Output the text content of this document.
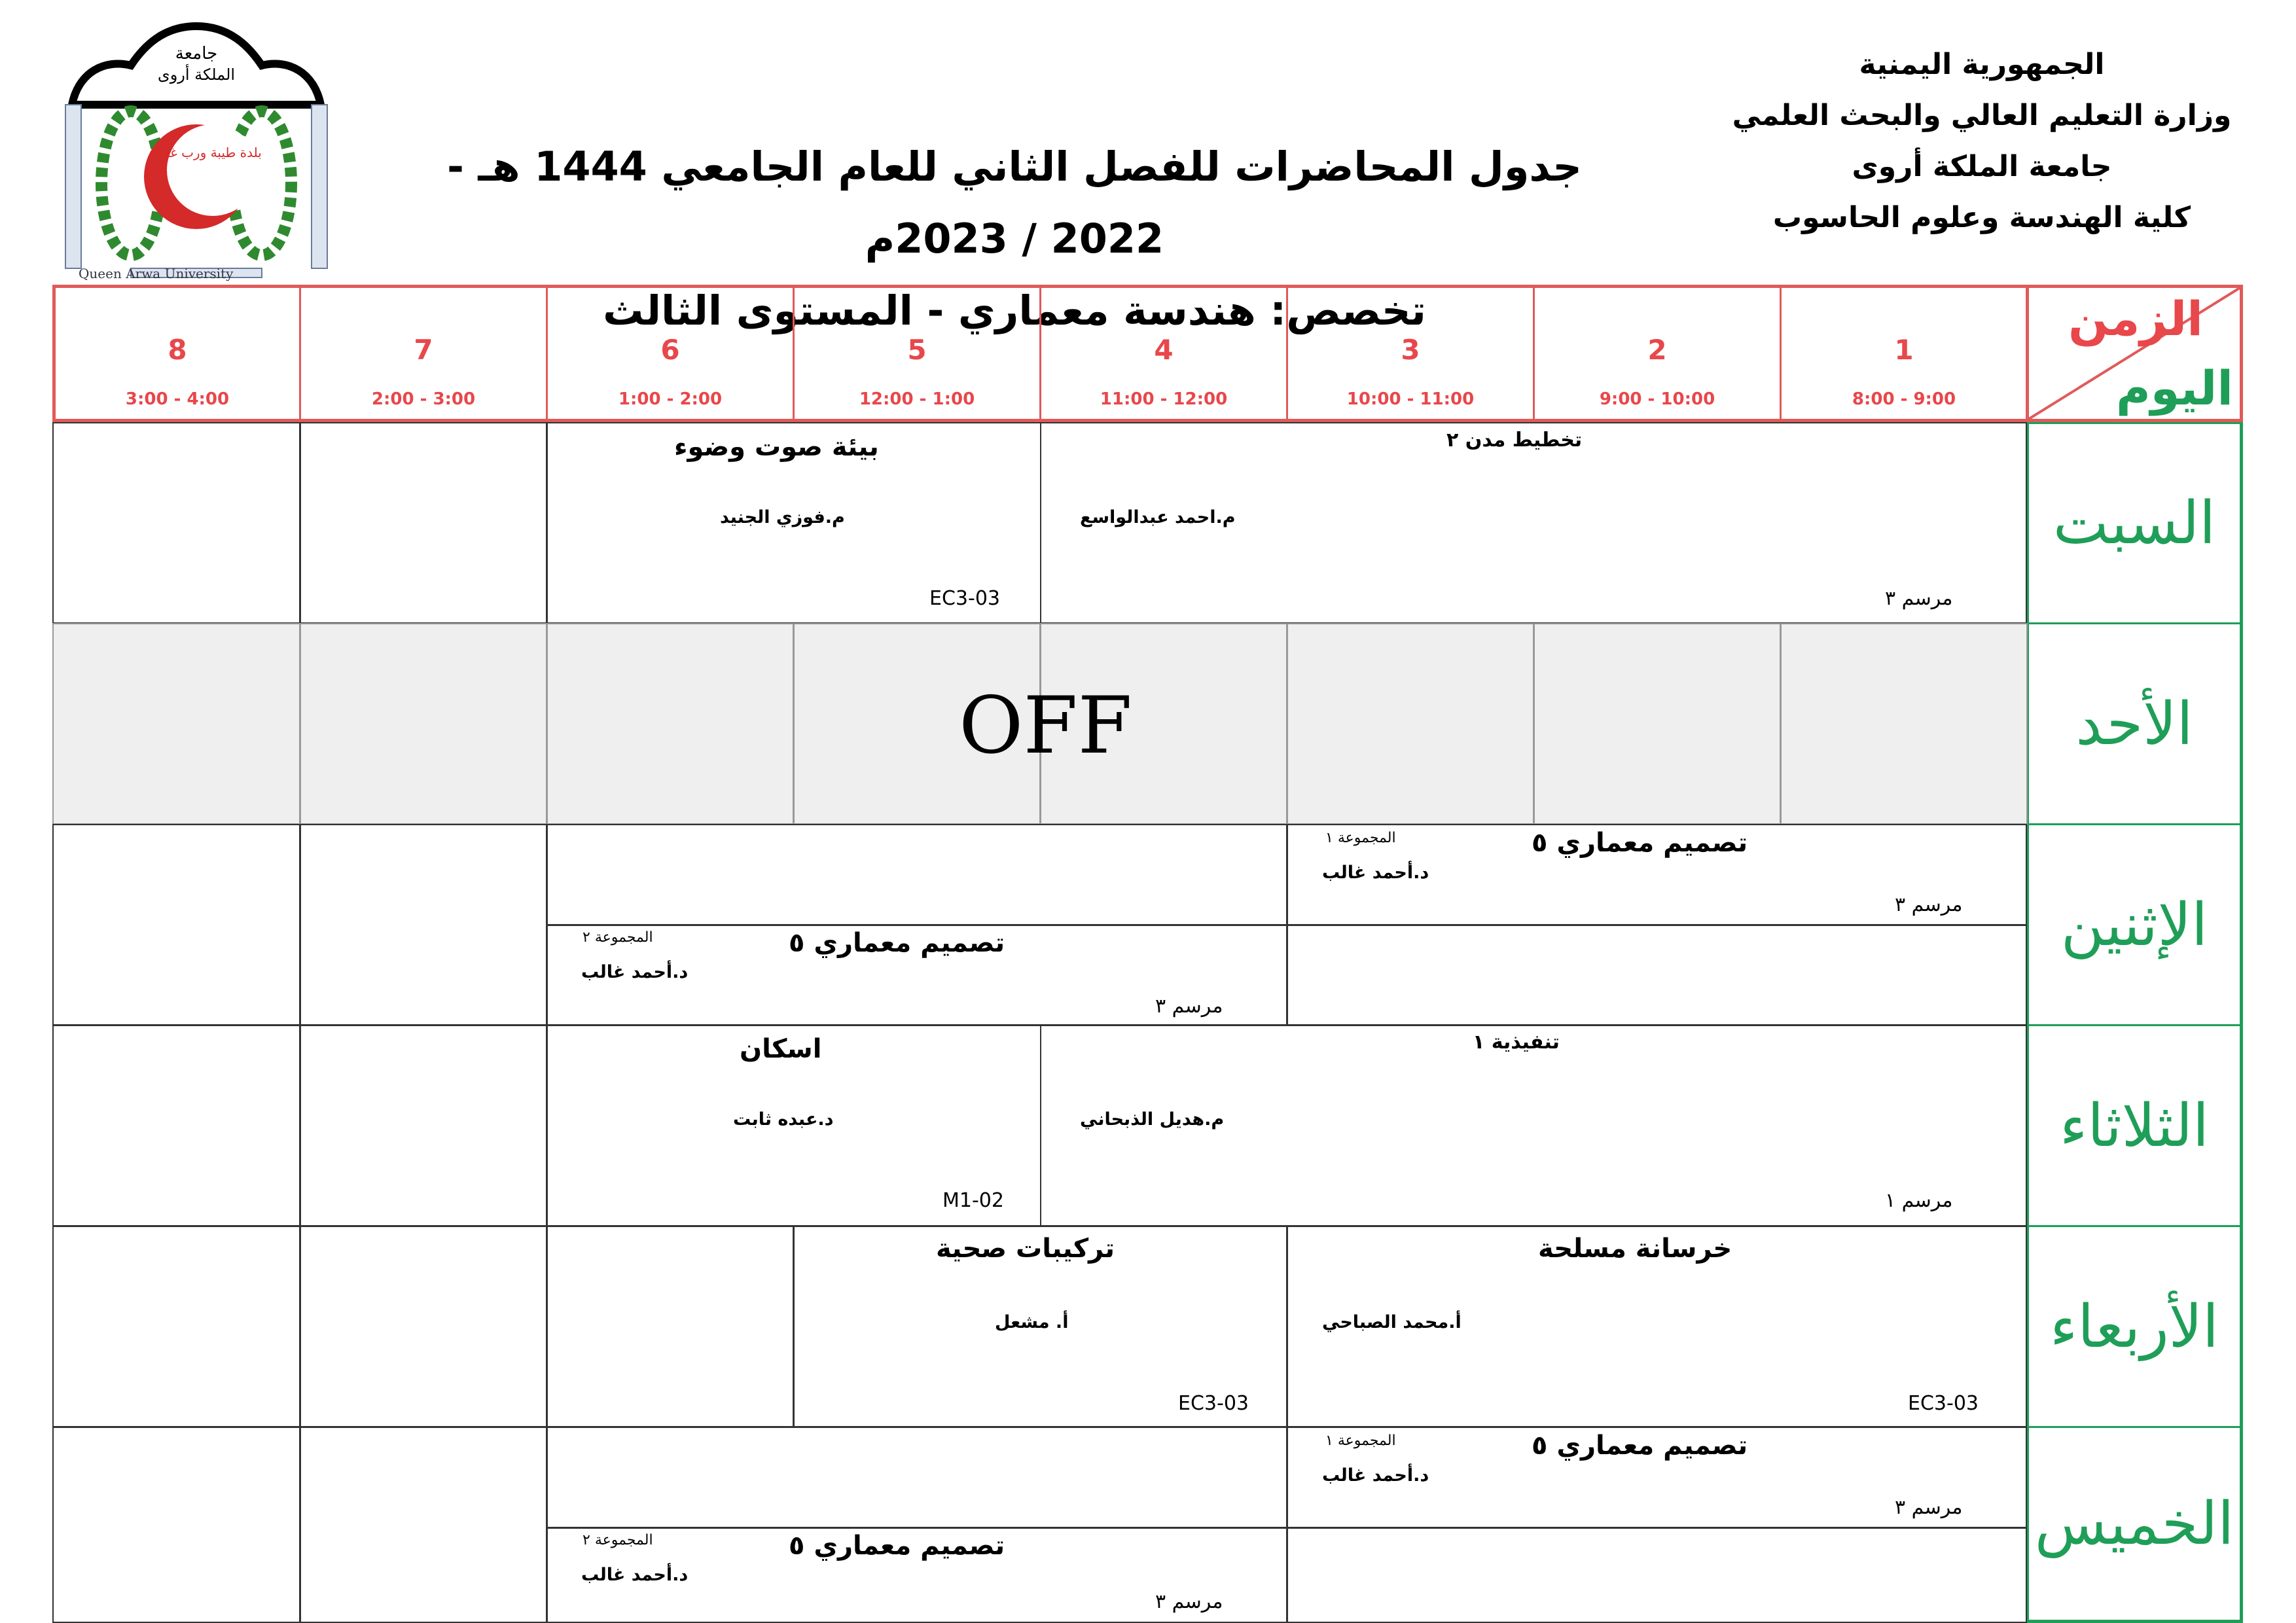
الجمهورية اليمنية
وزارة التعليم العالي والبحث العلمي
جامعة الملكة أروى
كلية الهندسة وعلوم الحاسوب
جدول المحاضرات للفصل الثاني للعام الجامعي 1444 هـ - 2022 / 2023م
تخصص: هندسة معماري - المستوى الثالث
جامعة
الملكة أروى
بلدة طيبة ورب غفور
Queen Arwa University
الزمن
اليوم
1
8:00 - 9:00
2
9:00 - 10:00
3
10:00 - 11:00
4
11:00 - 12:00
5
12:00 - 1:00
6
1:00 - 2:00
7
2:00 - 3:00
8
3:00 - 4:00
السبت
الأحد
الإثنين
الثلاثاء
الأربعاء
الخميس
تخطيط مدن ٢
م.احمد عبدالواسع
مرسم ٣
بيئة صوت وضوء
م.فوزي الجنيد
EC3-03
OFF
تصميم معماري ٥
المجموعة ١
د.أحمد غالب
مرسم ٣
تصميم معماري ٥
المجموعة ٢
د.أحمد غالب
مرسم ٣
تنفيذية ١
م.هديل الذبحاني
مرسم ١
اسكان
د.عبده ثابت
M1-02
خرسانة مسلحة
أ.محمد الصباحي
EC3-03
تركيبات صحية
أ. مشعل
EC3-03
تصميم معماري ٥
المجموعة ١
د.أحمد غالب
مرسم ٣
تصميم معماري ٥
المجموعة ٢
د.أحمد غالب
مرسم ٣
